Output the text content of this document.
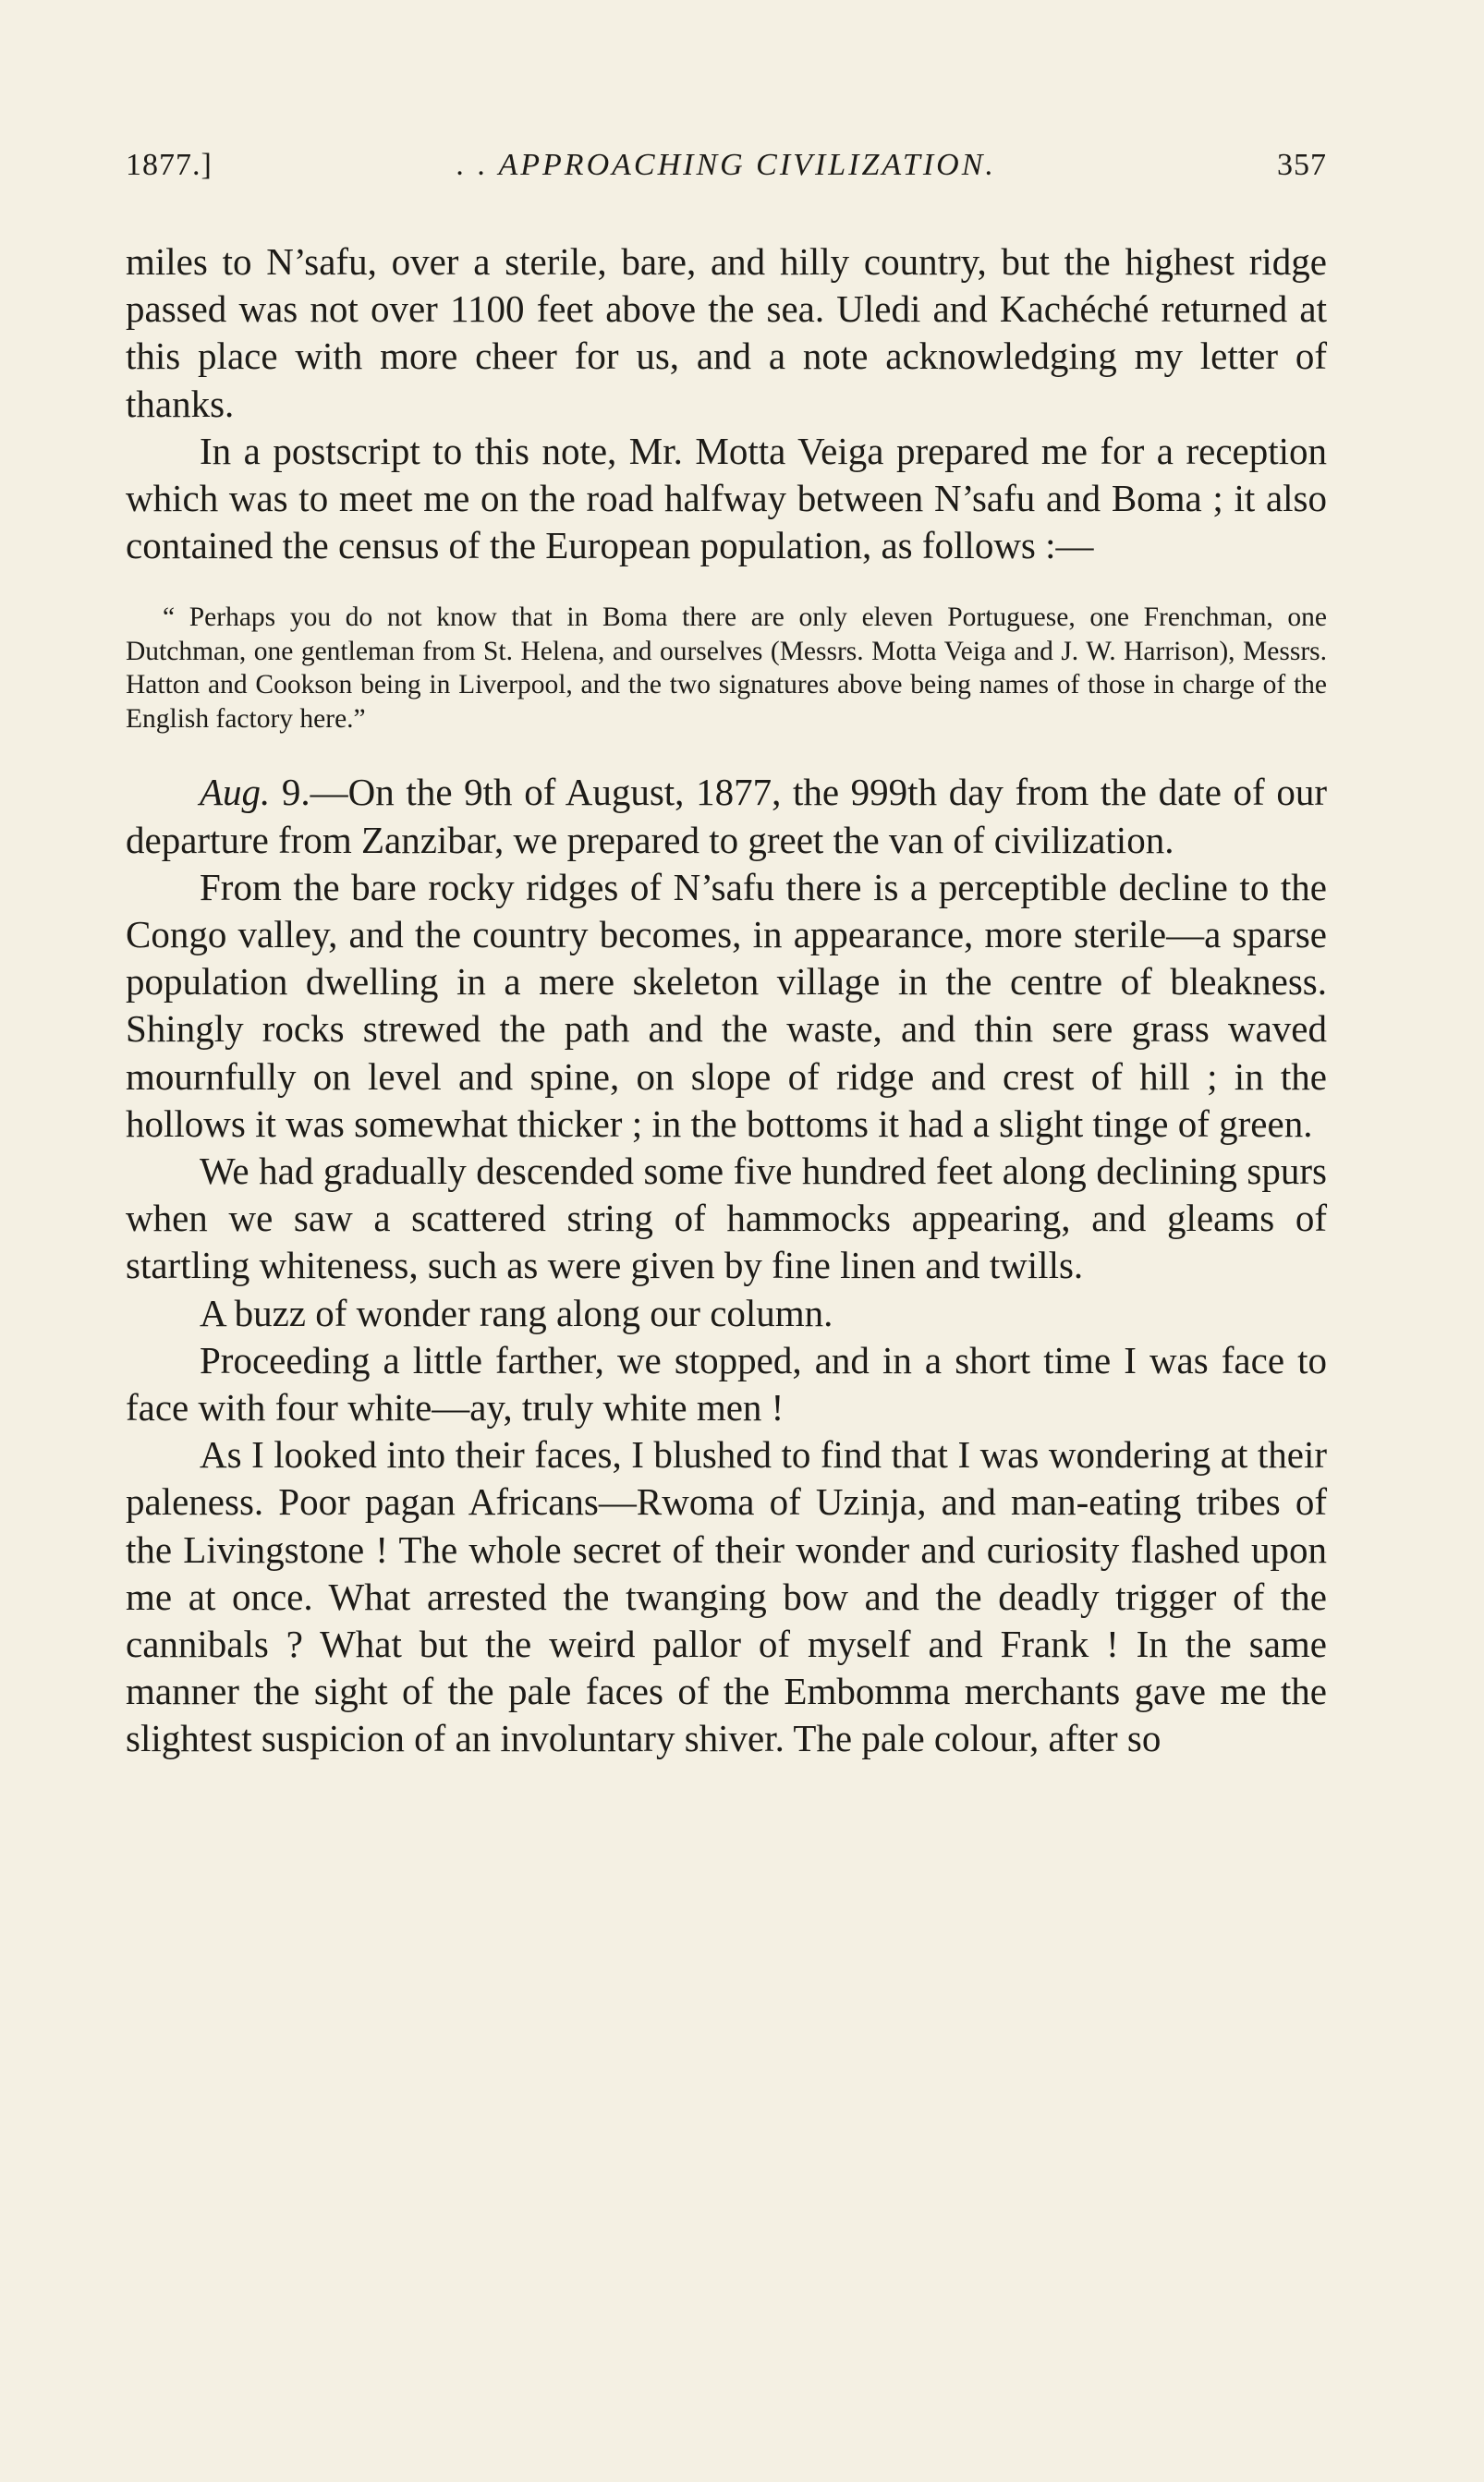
1877.]	. . APPROACHING CIVILIZATION.	357

miles to N’safu, over a sterile, bare, and hilly country, but the highest ridge passed was not over 1100 feet above the sea. Uledi and Kachéché returned at this place with more cheer for us, and a note acknowledging my letter of thanks.

In a postscript to this note, Mr. Motta Veiga prepared me for a reception which was to meet me on the road halfway between N’safu and Boma ; it also contained the census of the European population, as follows :—

“ Perhaps you do not know that in Boma there are only eleven Portuguese, one Frenchman, one Dutchman, one gentleman from St. Helena, and ourselves (Messrs. Motta Veiga and J. W. Harrison), Messrs. Hatton and Cookson being in Liverpool, and the two signatures above being names of those in charge of the English factory here.”

Aug. 9.—On the 9th of August, 1877, the 999th day from the date of our departure from Zanzibar, we prepared to greet the van of civilization.

From the bare rocky ridges of N’safu there is a perceptible decline to the Congo valley, and the country becomes, in appearance, more sterile—a sparse population dwelling in a mere skeleton village in the centre of bleakness. Shingly rocks strewed the path and the waste, and thin sere grass waved mournfully on level and spine, on slope of ridge and crest of hill ; in the hollows it was somewhat thicker ; in the bottoms it had a slight tinge of green.

We had gradually descended some five hundred feet along declining spurs when we saw a scattered string of hammocks appearing, and gleams of startling whiteness, such as were given by fine linen and twills.

A buzz of wonder rang along our column.

Proceeding a little farther, we stopped, and in a short time I was face to face with four white—ay, truly white men !

As I looked into their faces, I blushed to find that I was wondering at their paleness. Poor pagan Africans—Rwoma of Uzinja, and man-eating tribes of the Livingstone ! The whole secret of their wonder and curiosity flashed upon me at once. What arrested the twanging bow and the deadly trigger of the cannibals ? What but the weird pallor of myself and Frank ! In the same manner the sight of the pale faces of the Embomma merchants gave me the slightest suspicion of an involuntary shiver. The pale colour, after so
